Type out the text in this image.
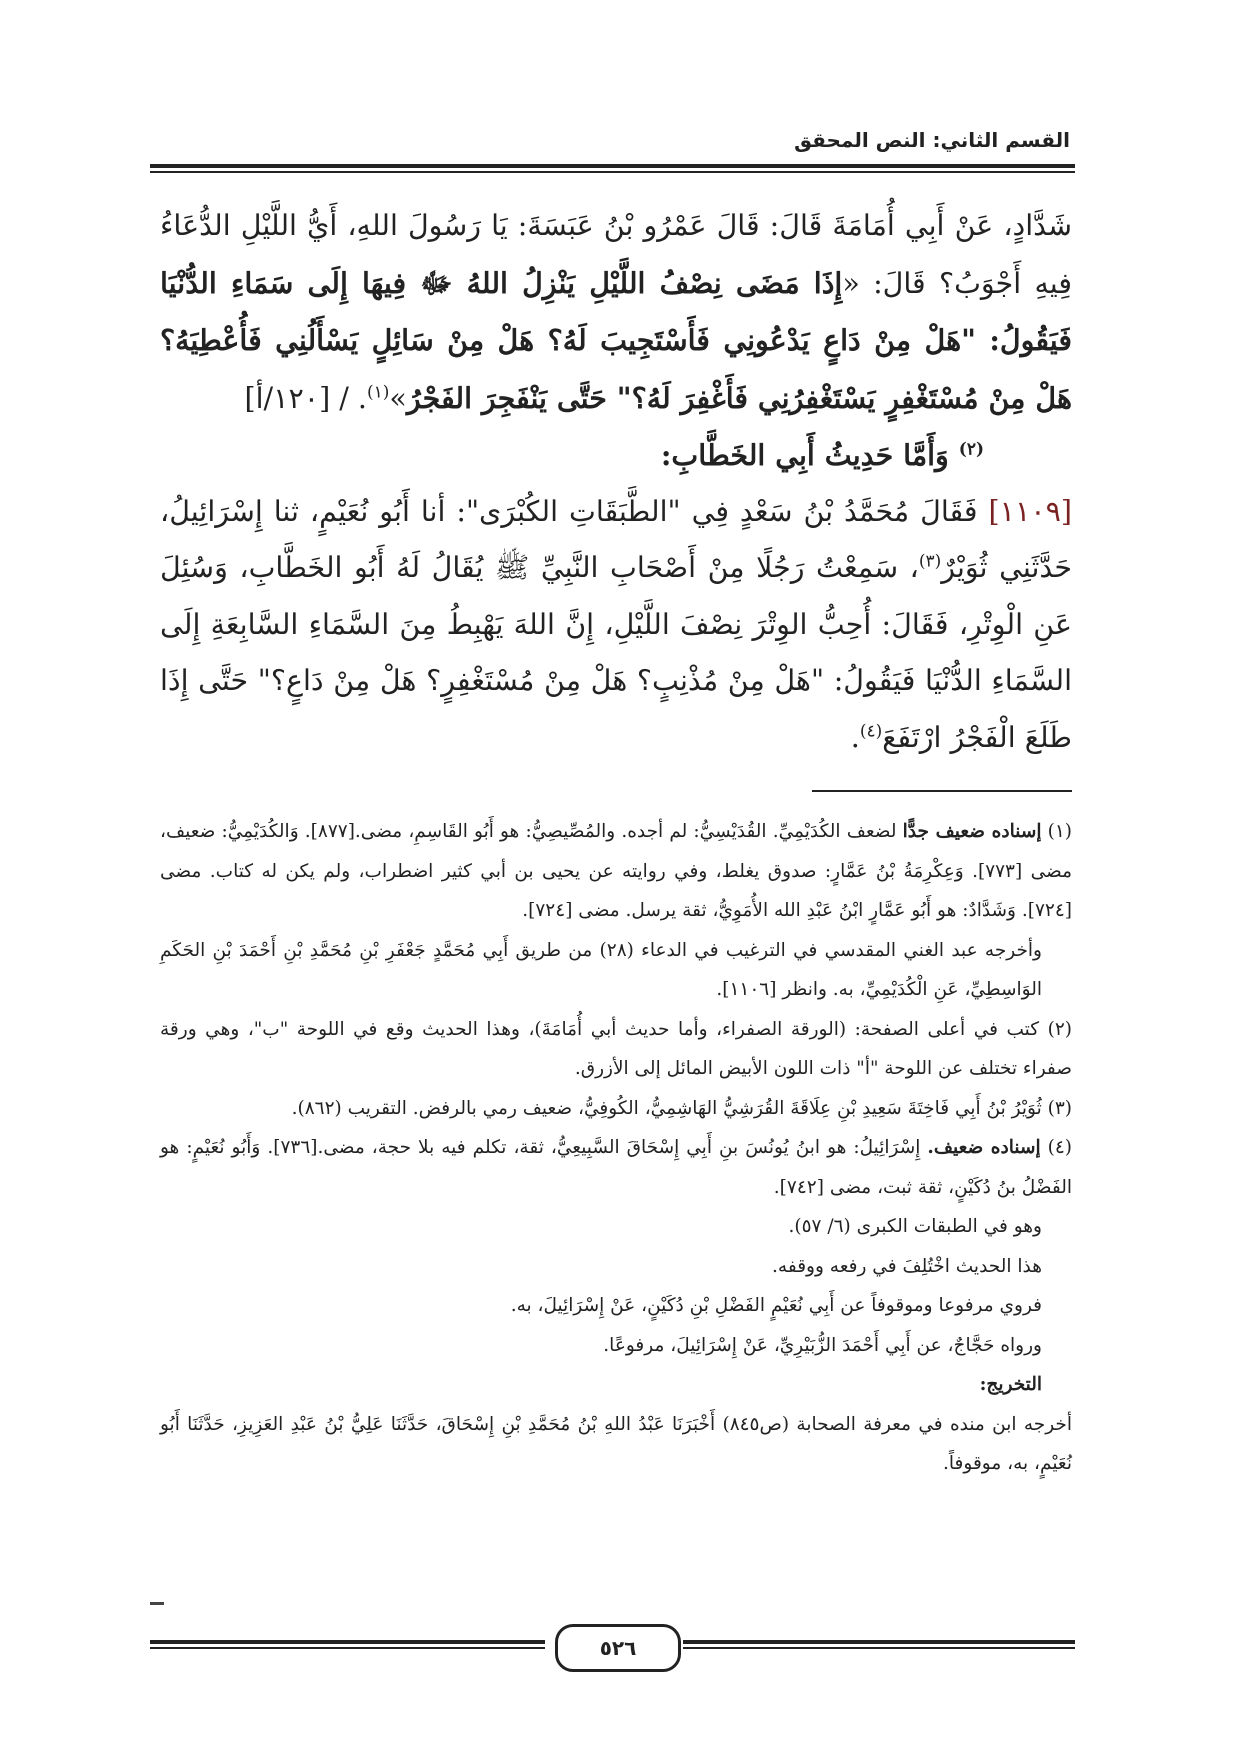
القسم الثاني: النص المحقق

شَدَّادٍ، عَنْ أَبِي أُمَامَةَ قَالَ: قَالَ عَمْرُو بْنُ عَبَسَةَ: يَا رَسُولَ اللهِ، أَيُّ اللَّيْلِ الدُّعَاءُ فِيهِ أَجْوَبُ؟ قَالَ: «إِذَا مَضَى نِصْفُ اللَّيْلِ يَنْزِلُ اللهُ ﷻ فِيهَا إِلَى سَمَاءِ الدُّنْيَا فَيَقُولُ: "هَلْ مِنْ دَاعٍ يَدْعُونِي فَأَسْتَجِيبَ لَهُ؟ هَلْ مِنْ سَائِلٍ يَسْأَلُنِي فَأُعْطِيَهُ؟ هَلْ مِنْ مُسْتَغْفِرٍ يَسْتَغْفِرُنِي فَأَغْفِرَ لَهُ؟" حَتَّى يَنْفَجِرَ الفَجْرُ»$^{(١)}$. / [١٢٠/أ]

$^{(٢)}$ وَأَمَّا حَدِيثُ أَبِي الخَطَّابِ:

[١١٠٩] فَقَالَ مُحَمَّدُ بْنُ سَعْدٍ فِي "الطَّبَقَاتِ الكُبْرَى": أنا أَبُو نُعَيْمٍ، ثنا إِسْرَائِيلُ، حَدَّثَنِي ثُوَيْرٌ$^{(٣)}$، سَمِعْتُ رَجُلًا مِنْ أَصْحَابِ النَّبِيِّ ﷺ يُقَالُ لَهُ أَبُو الخَطَّابِ، وَسُئِلَ عَنِ الْوِتْرِ، فَقَالَ: أُحِبُّ الوِتْرَ نِصْفَ اللَّيْلِ، إِنَّ اللهَ يَهْبِطُ مِنَ السَّمَاءِ السَّابِعَةِ إِلَى السَّمَاءِ الدُّنْيَا فَيَقُولُ: "هَلْ مِنْ مُذْنِبٍ؟ هَلْ مِنْ مُسْتَغْفِرٍ؟ هَلْ مِنْ دَاعٍ؟" حَتَّى إِذَا طَلَعَ الْفَجْرُ ارْتَفَعَ$^{(٤)}$.

(١) إسناده ضعيف جدًّا لضعف الكُدَيْمِيِّ. القُدَيْسِيُّ: لم أجده. والمُصِّيصِيُّ: هو أَبُو القَاسِمِ، مضى.[٨٧٧]. وَالكُدَيْمِيُّ: ضعيف، مضى [٧٧٣]. وَعِكْرِمَةُ بْنُ عَمَّارٍ: صدوق يغلط، وفي روايته عن يحيى بن أبي كثير اضطراب، ولم يكن له كتاب. مضى [٧٢٤]. وَشَدَّادٌ: هو أَبُو عَمَّارٍ ابْنُ عَبْدِ الله الأُمَوِيُّ، ثقة يرسل. مضى [٧٢٤].

وأخرجه عبد الغني المقدسي في الترغيب في الدعاء (٢٨) من طريق أَبِي مُحَمَّدٍ جَعْفَرِ بْنِ مُحَمَّدِ بْنِ أَحْمَدَ بْنِ الحَكَمِ الوَاسِطِيِّ، عَنِ الْكُدَيْمِيِّ، به. وانظر [١١٠٦].

(٢) كتب في أعلى الصفحة: (الورقة الصفراء، وأما حديث أبي أُمَامَةَ)، وهذا الحديث وقع في اللوحة "ب"، وهي ورقة صفراء تختلف عن اللوحة "أ" ذات اللون الأبيض المائل إلى الأزرق.

(٣) ثُوَيْرُ بْنُ أَبِي فَاخِتَةَ سَعِيدِ بْنِ عِلَاقَةَ القُرَشِيُّ الهَاشِمِيُّ، الكُوفِيُّ، ضعيف رمي بالرفض. التقريب (٨٦٢).

(٤) إسناده ضعيف. إِسْرَائِيلُ: هو ابنُ يُونُسَ بنِ أَبِي إِسْحَاقَ السَّبِيعِيُّ، ثقة، تكلم فيه بلا حجة، مضى.[٧٣٦]. وَأَبُو نُعَيْمٍ: هو الفَضْلُ بنُ دُكَيْنٍ، ثقة ثبت، مضى [٧٤٢].

وهو في الطبقات الكبرى (٦/ ٥٧).

هذا الحديث اخْتُلِفَ في رفعه ووقفه.

فروي مرفوعا وموقوفاً عن أَبِي نُعَيْمٍ الفَضْلِ بْنِ دُكَيْنٍ، عَنْ إِسْرَائِيلَ، به.

ورواه حَجَّاجٌ، عن أَبِي أَحْمَدَ الزُّبَيْرِيِّ، عَنْ إِسْرَائِيلَ، مرفوعًا.

التخريج:

أخرجه ابن منده في معرفة الصحابة (ص٨٤٥) أَخْبَرَنَا عَبْدُ اللهِ بْنُ مُحَمَّدِ بْنِ إِسْحَاقَ، حَدَّثَنَا عَلِيُّ بْنُ عَبْدِ العَزِيزِ، حَدَّثَنَا أَبُو نُعَيْمٍ، به، موقوفاً.

٥٢٦
